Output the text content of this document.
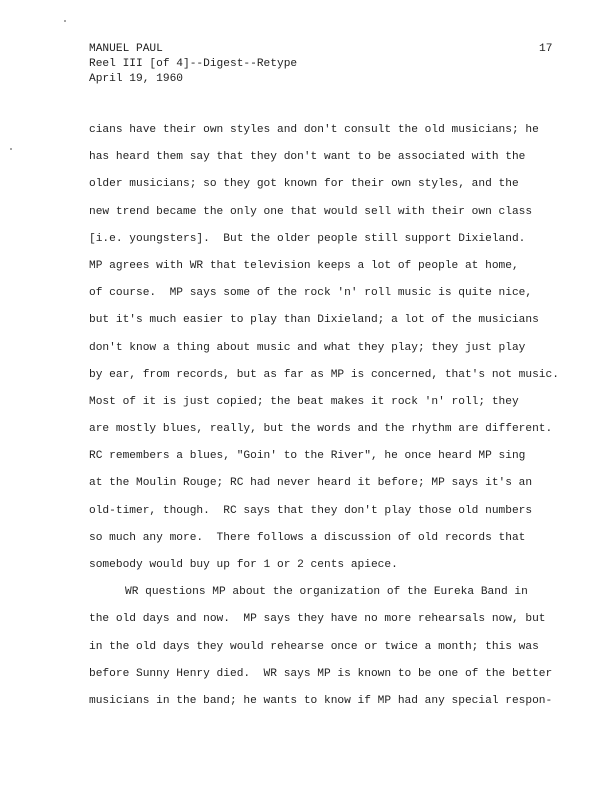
MANUEL PAUL
Reel III [of 4]--Digest--Retype
April 19, 1960
17
cians have their own styles and don't consult the old musicians; he
has heard them say that they don't want to be associated with the
older musicians; so they got known for their own styles, and the
new trend became the only one that would sell with their own class
[i.e. youngsters].  But the older people still support Dixieland.
MP agrees with WR that television keeps a lot of people at home,
of course.  MP says some of the rock 'n' roll music is quite nice,
but it's much easier to play than Dixieland; a lot of the musicians
don't know a thing about music and what they play; they just play
by ear, from records, but as far as MP is concerned, that's not music.
Most of it is just copied; the beat makes it rock 'n' roll; they
are mostly blues, really, but the words and the rhythm are different.
RC remembers a blues, "Goin' to the River", he once heard MP sing
at the Moulin Rouge; RC had never heard it before; MP says it's an
old-timer, though.  RC says that they don't play those old numbers
so much any more.  There follows a discussion of old records that
somebody would buy up for 1 or 2 cents apiece.
WR questions MP about the organization of the Eureka Band in
the old days and now.  MP says they have no more rehearsals now, but
in the old days they would rehearse once or twice a month; this was
before Sunny Henry died.  WR says MP is known to be one of the better
musicians in the band; he wants to know if MP had any special respon-
